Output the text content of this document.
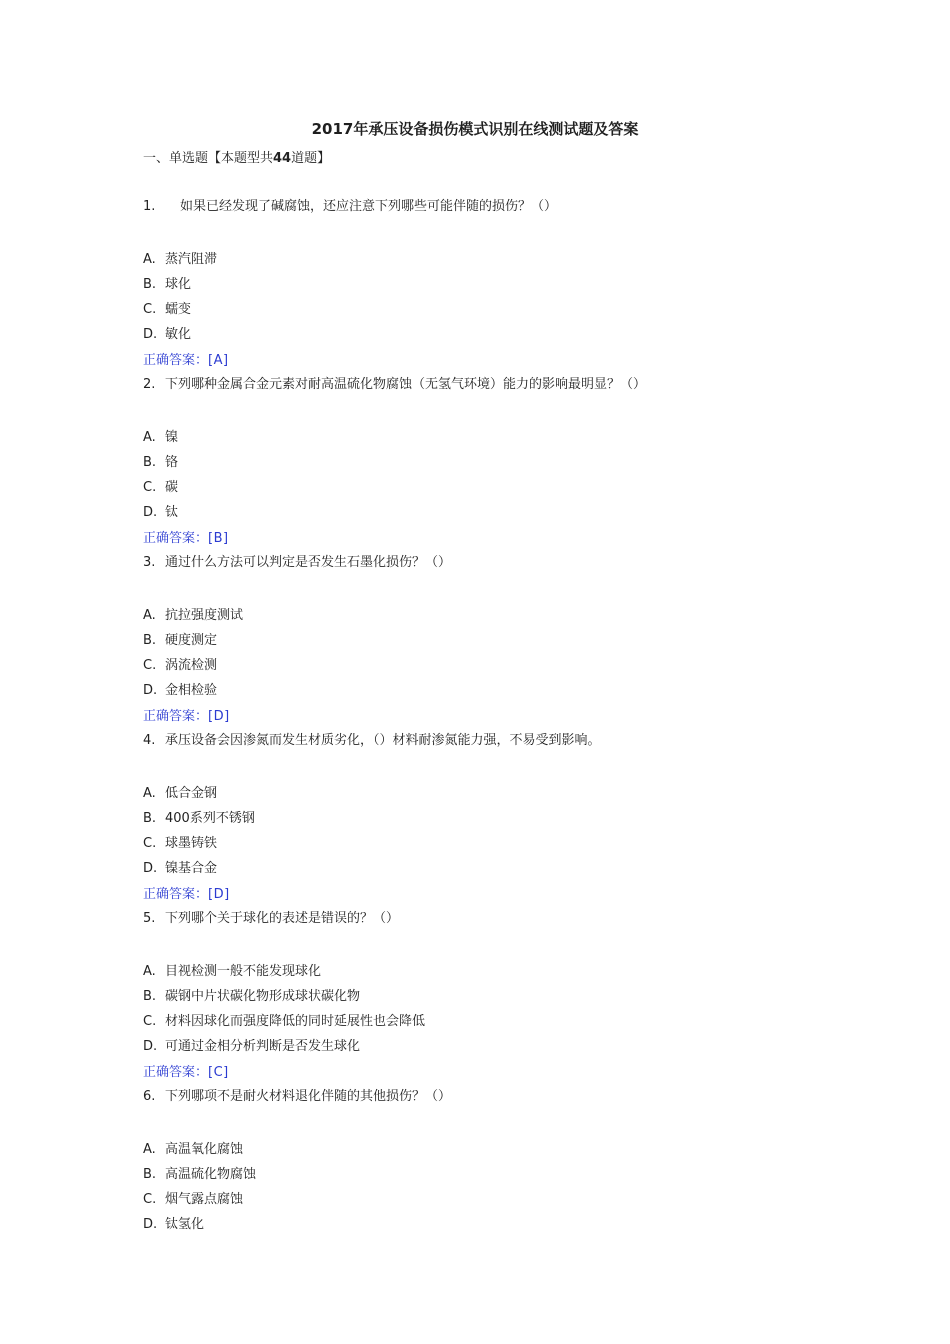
2017年承压设备损伤模式识别在线测试题及答案
一、单选题【本题型共44道题】
1.	如果已经发现了碱腐蚀，还应注意下列哪些可能伴随的损伤？（）
A. 蒸汽阻滞
B. 球化
C. 蠕变
D. 敏化
正确答案：[A]
2. 下列哪种金属合金元素对耐高温硫化物腐蚀（无氢气环境）能力的影响最明显？（）
A. 镍
B. 铬
C. 碳
D. 钛
正确答案：[B]
3. 通过什么方法可以判定是否发生石墨化损伤？（）
A. 抗拉强度测试
B. 硬度测定
C. 涡流检测
D. 金相检验
正确答案：[D]
4. 承压设备会因渗氮而发生材质劣化，（）材料耐渗氮能力强，不易受到影响。
A. 低合金钢
B. 400系列不锈钢
C. 球墨铸铁
D. 镍基合金
正确答案：[D]
5. 下列哪个关于球化的表述是错误的？（）
A. 目视检测一般不能发现球化
B. 碳钢中片状碳化物形成球状碳化物
C. 材料因球化而强度降低的同时延展性也会降低
D. 可通过金相分析判断是否发生球化
正确答案：[C]
6. 下列哪项不是耐火材料退化伴随的其他损伤？（）
A. 高温氧化腐蚀
B. 高温硫化物腐蚀
C. 烟气露点腐蚀
D. 钛氢化
